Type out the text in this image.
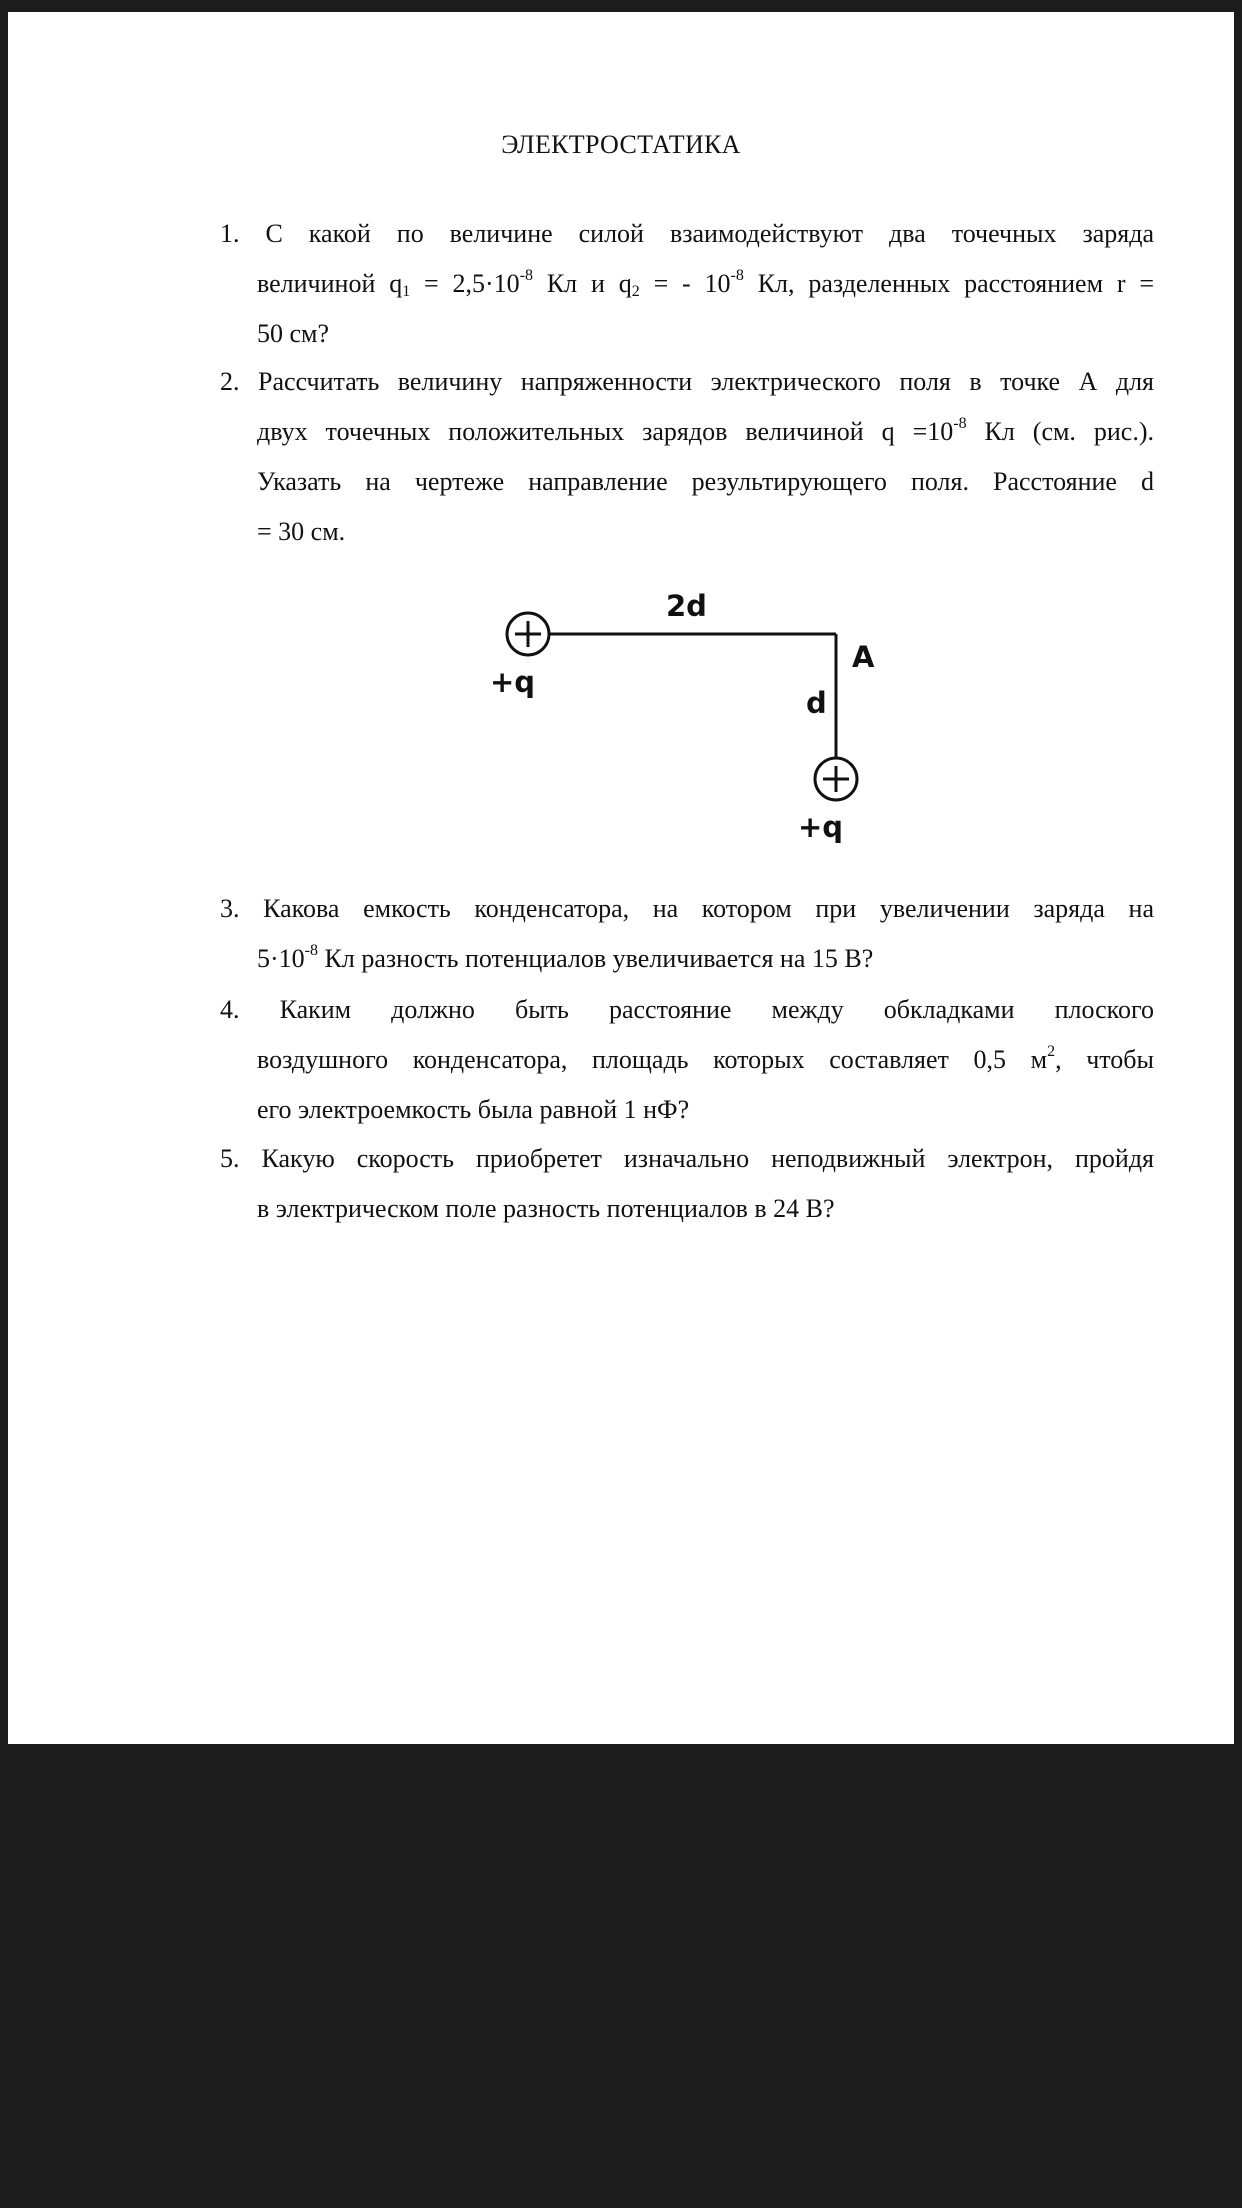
ЭЛЕКТРОСТАТИКА
1. С какой по величине силой взаимодействуют два точечных заряда
величиной $q_1 = 2,5\cdot 10^{-8}$ Кл и $q_2$ = - $10^{-8}$ Кл, разделенных расстоянием r =
50 см?
2. Рассчитать величину напряженности электрического поля в точке А для
двух точечных положительных зарядов величиной $q =10^{-8}$ Кл (см. рис.).
Указать на чертеже направление результирующего поля. Расстояние d
= 30 см.
2d
A
d
+q
+q
3. Какова емкость конденсатора, на котором при увеличении заряда на
$5\cdot 10^{-8}$ Кл разность потенциалов увеличивается на 15 В?
4. Каким должно быть расстояние между обкладками плоского
воздушного конденсатора, площадь которых составляет 0,5 $м^2$, чтобы
его электроемкость была равной 1 нФ?
5. Какую скорость приобретет изначально неподвижный электрон, пройдя
в электрическом поле разность потенциалов в 24 В?
